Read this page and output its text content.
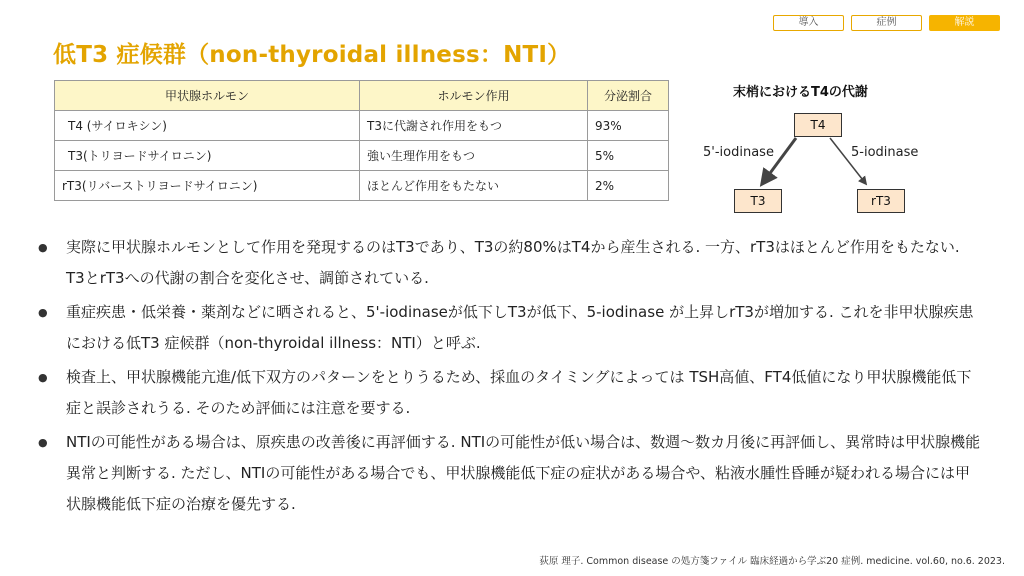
導入	症例	解説
低T3 症候群（non-thyroidal illness：NTI）
甲状腺ホルモン	ホルモン作用	分泌割合
T4 (サイロキシン)	T3に代謝され作用をもつ	93%
T3(トリヨードサイロニン)	強い生理作用をもつ	5%
rT3(リバーストリヨードサイロニン)	ほとんど作用をもたない	2%
末梢におけるT4の代謝
T4
T3	rT3
5'-iodinase	5-iodinase
● 実際に甲状腺ホルモンとして作用を発現するのはT3であり、T3の約80%はT4から産生される. 一方、rT3はほとんど作用をもたない. T3とrT3への代謝の割合を変化させ、調節されている.
● 重症疾患・低栄養・薬剤などに晒されると、5'-iodinaseが低下しT3が低下、5-iodinase が上昇しrT3が増加する. これを非甲状腺疾患における低T3 症候群（non-thyroidal illness：NTI）と呼ぶ.
● 検査上、甲状腺機能亢進/低下双方のパターンをとりうるため、採血のタイミングによっては TSH高値、FT4低値になり甲状腺機能低下症と誤診されうる. そのため評価には注意を要する.
● NTIの可能性がある場合は、原疾患の改善後に再評価する. NTIの可能性が低い場合は、数週～数カ月後に再評価し、異常時は甲状腺機能異常と判断する. ただし、NTIの可能性がある場合でも、甲状腺機能低下症の症状がある場合や、粘液水腫性昏睡が疑われる場合には甲状腺機能低下症の治療を優先する.
荻原 理子. Common disease の処方箋ファイル 臨床経過から学ぶ20 症例. medicine. vol.60, no.6. 2023.
